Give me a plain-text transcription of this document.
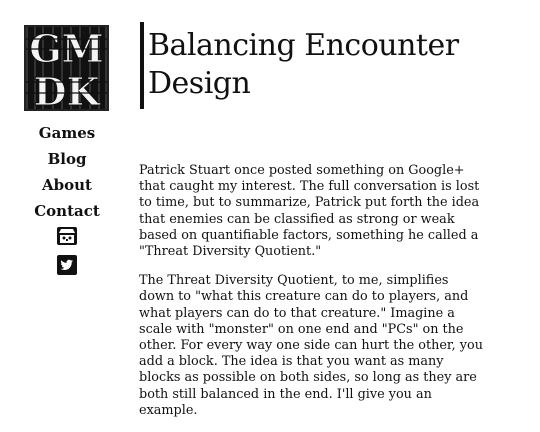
GM
DK
Games
Blog
About
Contact
Balancing Encounter Design

Patrick Stuart once posted something on Google+ that caught my interest. The full conversation is lost to time, but to summarize, Patrick put forth the idea that enemies can be classified as strong or weak based on quantifiable factors, something he called a "Threat Diversity Quotient."

The Threat Diversity Quotient, to me, simplifies down to "what this creature can do to players, and what players can do to that creature." Imagine a scale with "monster" on one end and "PCs" on the other. For every way one side can hurt the other, you add a block. The idea is that you want as many blocks as possible on both sides, so long as they are both still balanced in the end. I'll give you an example.
